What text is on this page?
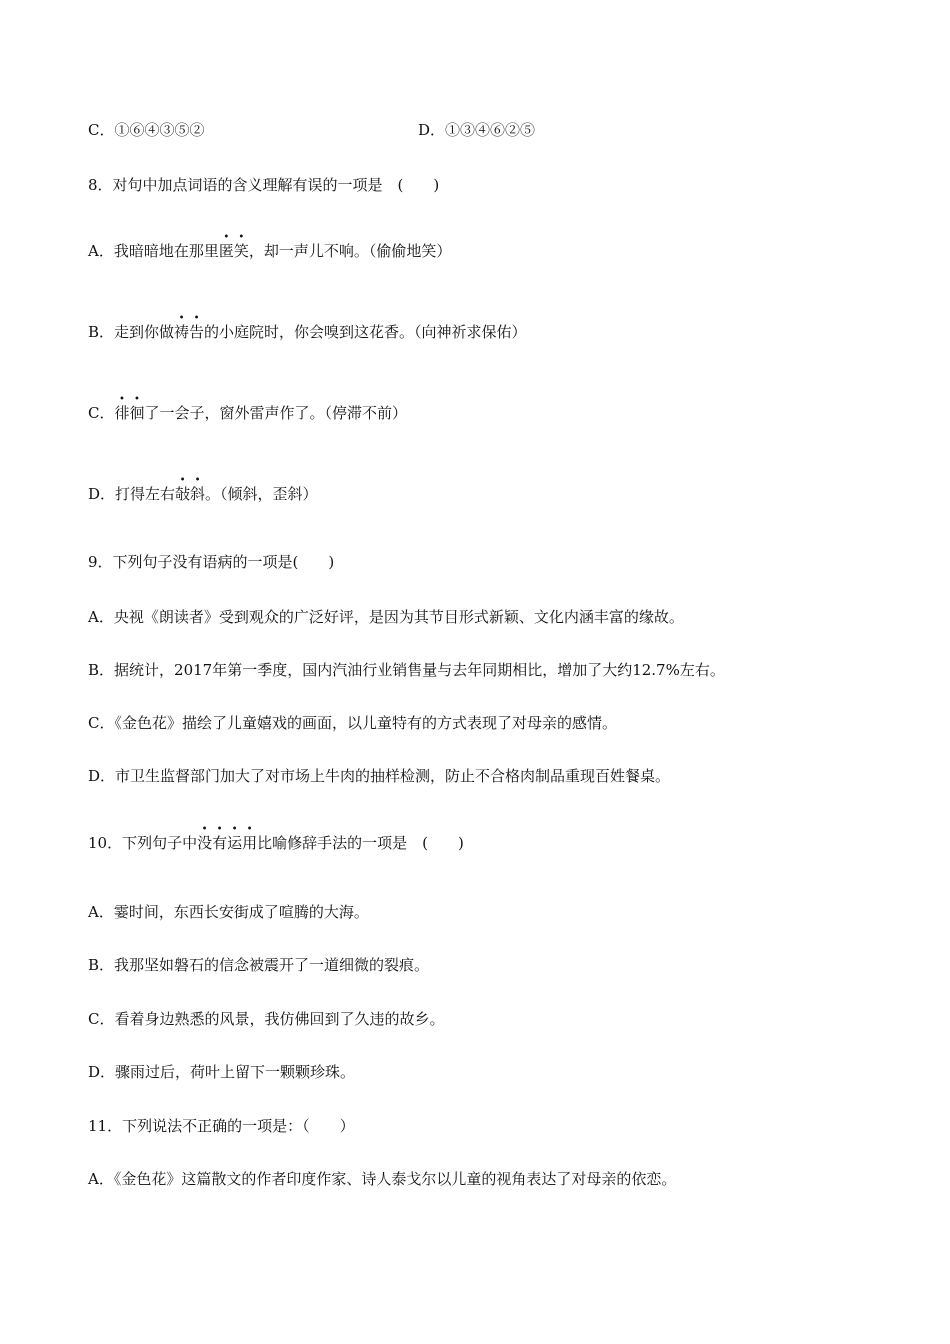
C．①⑥④③⑤②	D．①③④⑥②⑤
8．对句中加点词语的含义理解有误的一项是　(　　)
A．我暗暗地在那里
• •
匿笑，却一声儿不响。（偷偷地笑）
B．走到你做
• •
祷告的小庭院时，你会嗅到这花香。（向神祈求保佑）
C．
• •
徘徊了一会子，窗外雷声作了。（停滞不前）
D．打得左右
• •
敧斜。（倾斜，歪斜）
9．下列句子没有语病的一项是(　　)
A．央视《朗读者》受到观众的广泛好评，是因为其节目形式新颖、文化内涵丰富的缘故。
B．据统计，2017年第一季度，国内汽油行业销售量与去年同期相比，增加了大约12.7%左右。
C．《金色花》描绘了儿童嬉戏的画面，以儿童特有的方式表现了对母亲的感情。
D．市卫生监督部门加大了对市场上牛肉的抽样检测，防止不合格肉制品重现百姓餐桌。
10．下列句子中
• • • •
没有运用比喻修辞手法的一项是　(　　)
A．霎时间，东西长安街成了喧腾的大海。
B．我那坚如磐石的信念被震开了一道细微的裂痕。
C．看着身边熟悉的风景，我仿佛回到了久违的故乡。
D．骤雨过后，荷叶上留下一颗颗珍珠。
11．下列说法不正确的一项是：（　　）
A．《金色花》这篇散文的作者印度作家、诗人泰戈尔以儿童的视角表达了对母亲的依恋。
